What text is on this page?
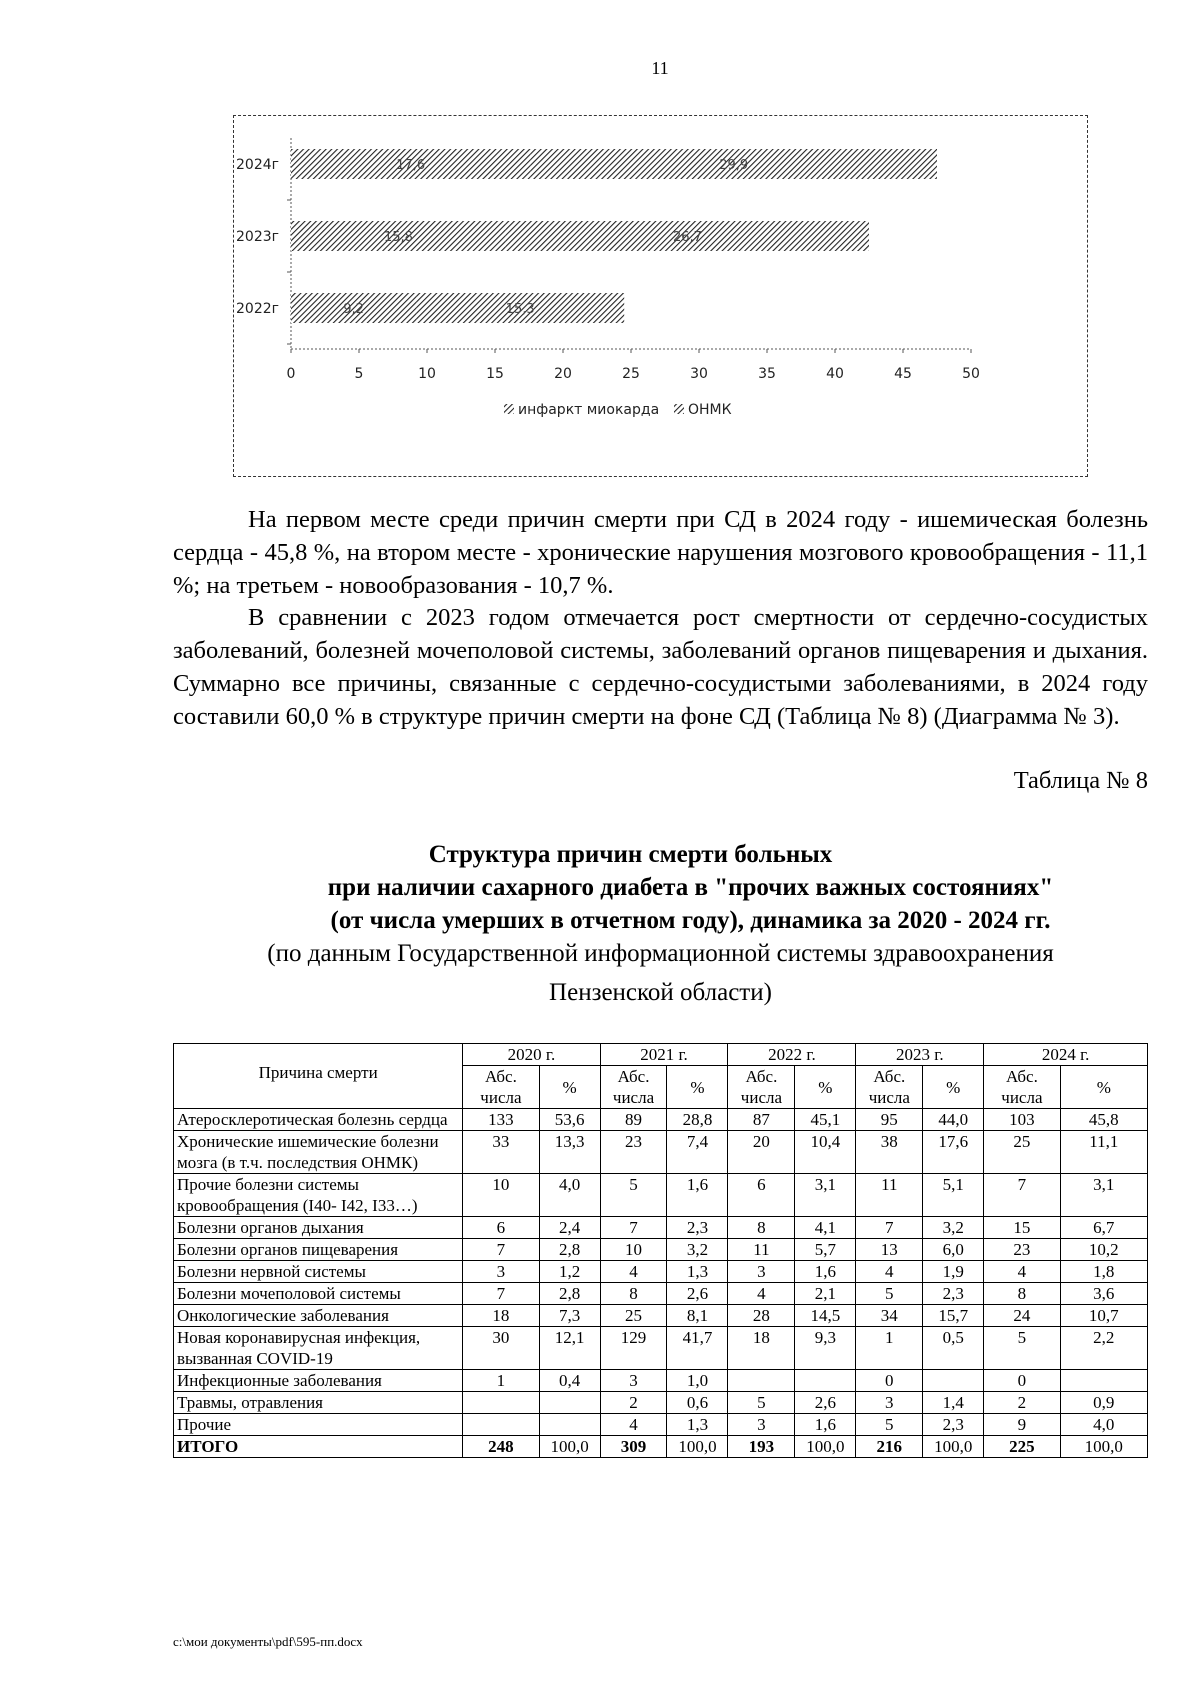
11
0	5	10	15	20	25	30	35	40	45	50
2024г	17,6	29,9
2023г	15,8	26,7
2022г	9,2	15,3
инфаркт миокарда ОНМК

На первом месте среди причин смерти при СД в 2024 году - ишемическая болезнь сердца - 45,8 %, на втором месте - хронические нарушения мозгового кровообращения - 11,1 %; на третьем - новообразования - 10,7 %.

В сравнении с 2023 годом отмечается рост смертности от сердечно-сосудистых заболеваний, болезней мочеполовой системы, заболеваний органов пищеварения и дыхания. Суммарно все причины, связанные с сердечно-сосудистыми заболеваниями, в 2024 году составили 60,0 % в структуре причин смерти на фоне СД (Таблица № 8) (Диаграмма № 3).

Таблица № 8
Структура причин смерти больных
при наличии сахарного диабета в "прочих важных состояниях"
(от числа умерших в отчетном году), динамика за 2020 - 2024 гг.
(по данным Государственной информационной системы здравоохранения
Пензенской области)
Причина смерти	2020 г.		2021 г.		2022 г.		2023 г.		2024 г.	
	Абс. числа	%	Абс. числа	%	Абс. числа	%	Абс. числа	%	Абс. числа	%
Атеросклеротическая болезнь сердца	133	53,6	89	28,8	87	45,1	95	44,0	103	45,8
Хронические ишемические болезни мозга (в т.ч. последствия ОНМК)	33	13,3	23	7,4	20	10,4	38	17,6	25	11,1
Прочие болезни системы кровообращения (I40- I42, I33…)	10	4,0	5	1,6	6	3,1	11	5,1	7	3,1
Болезни органов дыхания	6	2,4	7	2,3	8	4,1	7	3,2	15	6,7
Болезни органов пищеварения	7	2,8	10	3,2	11	5,7	13	6,0	23	10,2
Болезни нервной системы	3	1,2	4	1,3	3	1,6	4	1,9	4	1,8
Болезни мочеполовой системы	7	2,8	8	2,6	4	2,1	5	2,3	8	3,6
Онкологические заболевания	18	7,3	25	8,1	28	14,5	34	15,7	24	10,7
Новая коронавирусная инфекция, вызванная COVID-19	30	12,1	129	41,7	18	9,3	1	0,5	5	2,2
Инфекционные заболевания	1	0,4	3	1,0			0		0	
Травмы, отравления			2	0,6	5	2,6	3	1,4	2	0,9
Прочие			4	1,3	3	1,6	5	2,3	9	4,0
ИТОГО	248	100,0	309	100,0	193	100,0	216	100,0	225	100,0
c:\мои документы\pdf\595-пп.docx
